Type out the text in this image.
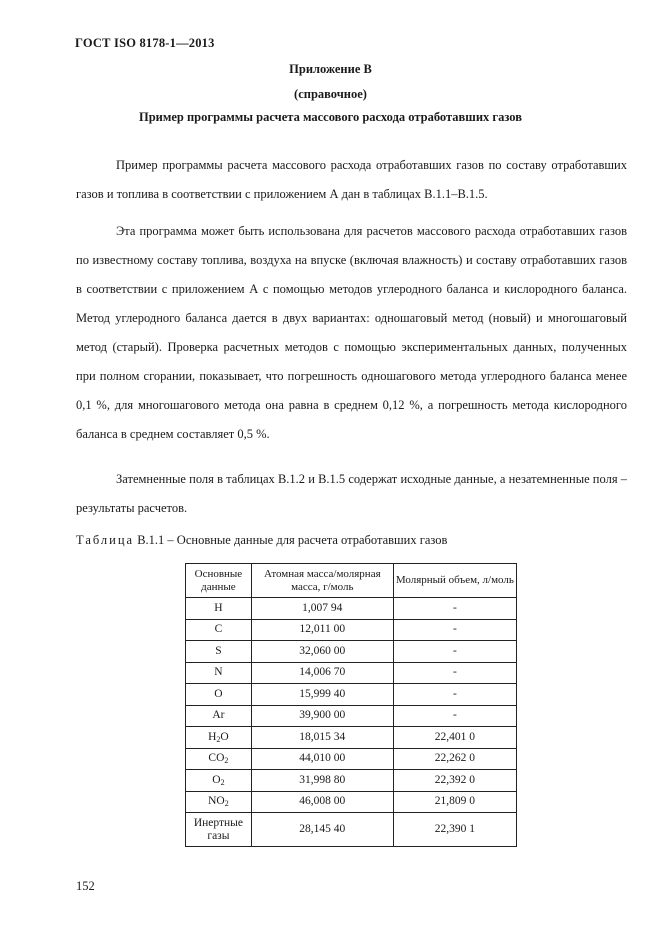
ГОСТ ISO 8178-1—2013
Приложение В
(справочное)
Пример программы расчета массового расхода отработавших газов

Пример программы расчета массового расхода отработавших газов по составу отработавших газов и топлива в соответствии с приложением А дан в таблицах В.1.1–В.1.5.

Эта программа может быть использована для расчетов массового расхода отработавших газов по известному составу топлива, воздуха на впуске (включая влажность) и составу отработавших газов в соответствии с приложением А с помощью методов углеродного баланса и кислородного баланса. Метод углеродного баланса дается в двух вариантах: одношаговый метод (новый) и многошаговый метод (старый). Проверка расчетных методов с помощью экспериментальных данных, полученных при полном сгорании, показывает, что погрешность одношагового метода углеродного баланса менее 0,1 %, для многошагового метода она равна в среднем 0,12 %, а погрешность метода кислородного баланса в среднем составляет 0,5 %.

Затемненные поля в таблицах В.1.2 и В.1.5 содержат исходные данные, а незатемненные поля – результаты расчетов.

Таблица В.1.1 – Основные данные для расчета отработавших газов
Основные данные	Атомная масса/молярная масса, г/моль	Молярный объем, л/моль
H	1,007 94	-
C	12,011 00	-
S	32,060 00	-
N	14,006 70	-
O	15,999 40	-
Ar	39,900 00	-
$H_2O$	18,015 34	22,401 0
$CO_2$	44,010 00	22,262 0
$O_2$	31,998 80	22,392 0
$NO_2$	46,008 00	21,809 0
Инертные газы	28,145 40	22,390 1
152
